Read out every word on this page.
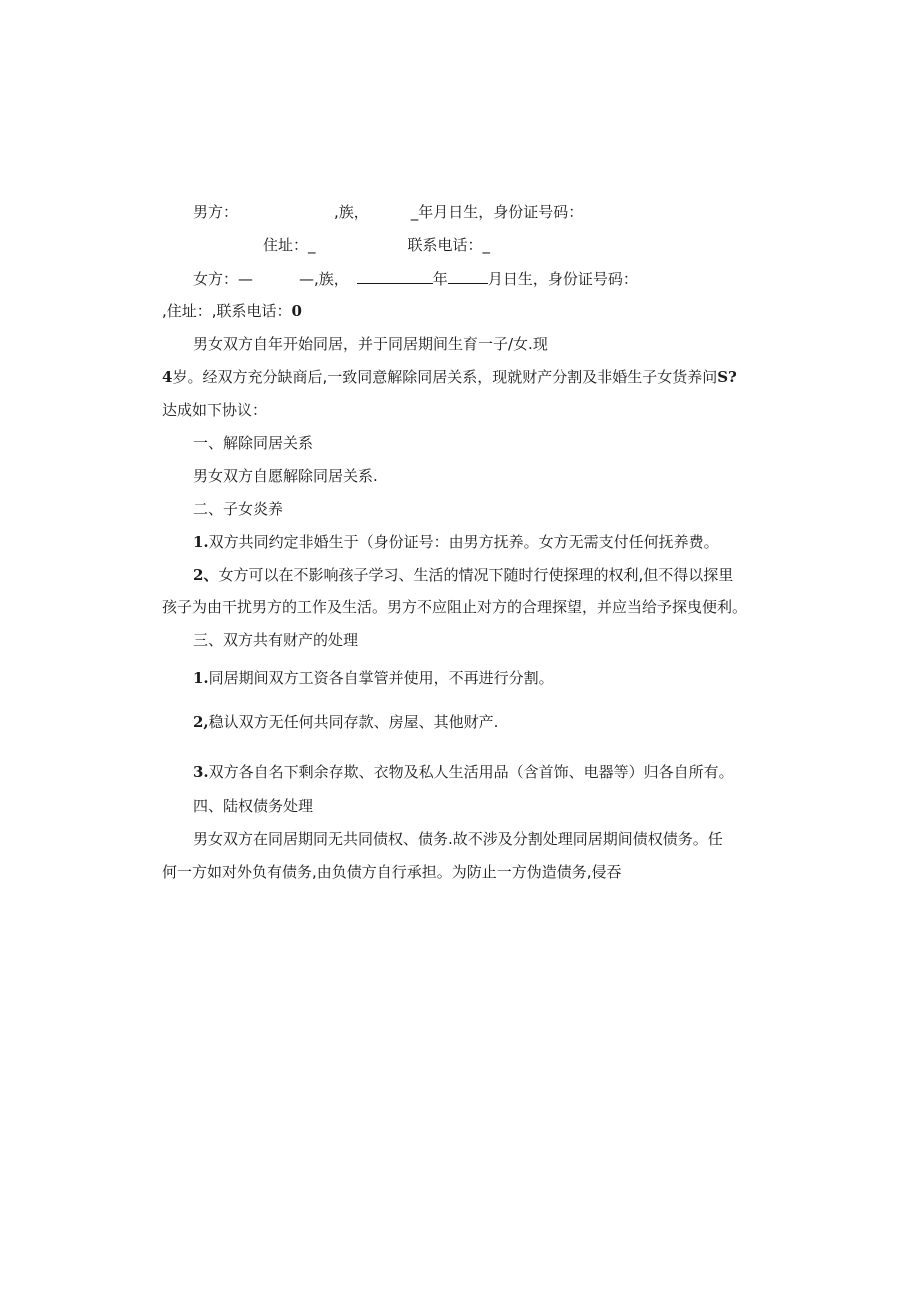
男方：	,族，	_年月日生，身份证号码：
住址：_	联系电话：_
女方：—	—,族，	年	月日生，身份证号码：
,住址：,联系电话：0
男女双方自年开始同居，并于同居期间生育一子/女.现
4岁。经双方充分缺商后,一致同意解除同居关系，现就财产分割及非婚生子女货养问S?
达成如下协议：
一、解除同居关系
男女双方自愿解除同居关系.
二、子女炎养
1.双方共同约定非婚生于（身份证号：由男方抚养。女方无需支付任何抚养费。
2、女方可以在不影响孩子学习、生活的情况下随时行使探理的权利,但不得以探里
孩子为由干扰男方的工作及生活。男方不应阻止对方的合理探望，并应当给予探曳便利。
三、双方共有财产的处理
1.同居期间双方工资各自掌管并使用，不再进行分割。
2,稳认双方无任何共同存款、房屋、其他财产.
3.双方各自名下剩余存欺、衣物及私人生活用品（含首饰、电器等）归各自所有。
四、陆权债务处理
男女双方在同居期同无共同债权、债务.故不涉及分割处理同居期间债权债务。任
何一方如对外负有债务,由负债方自行承担。为防止一方伪造债务,侵吞
